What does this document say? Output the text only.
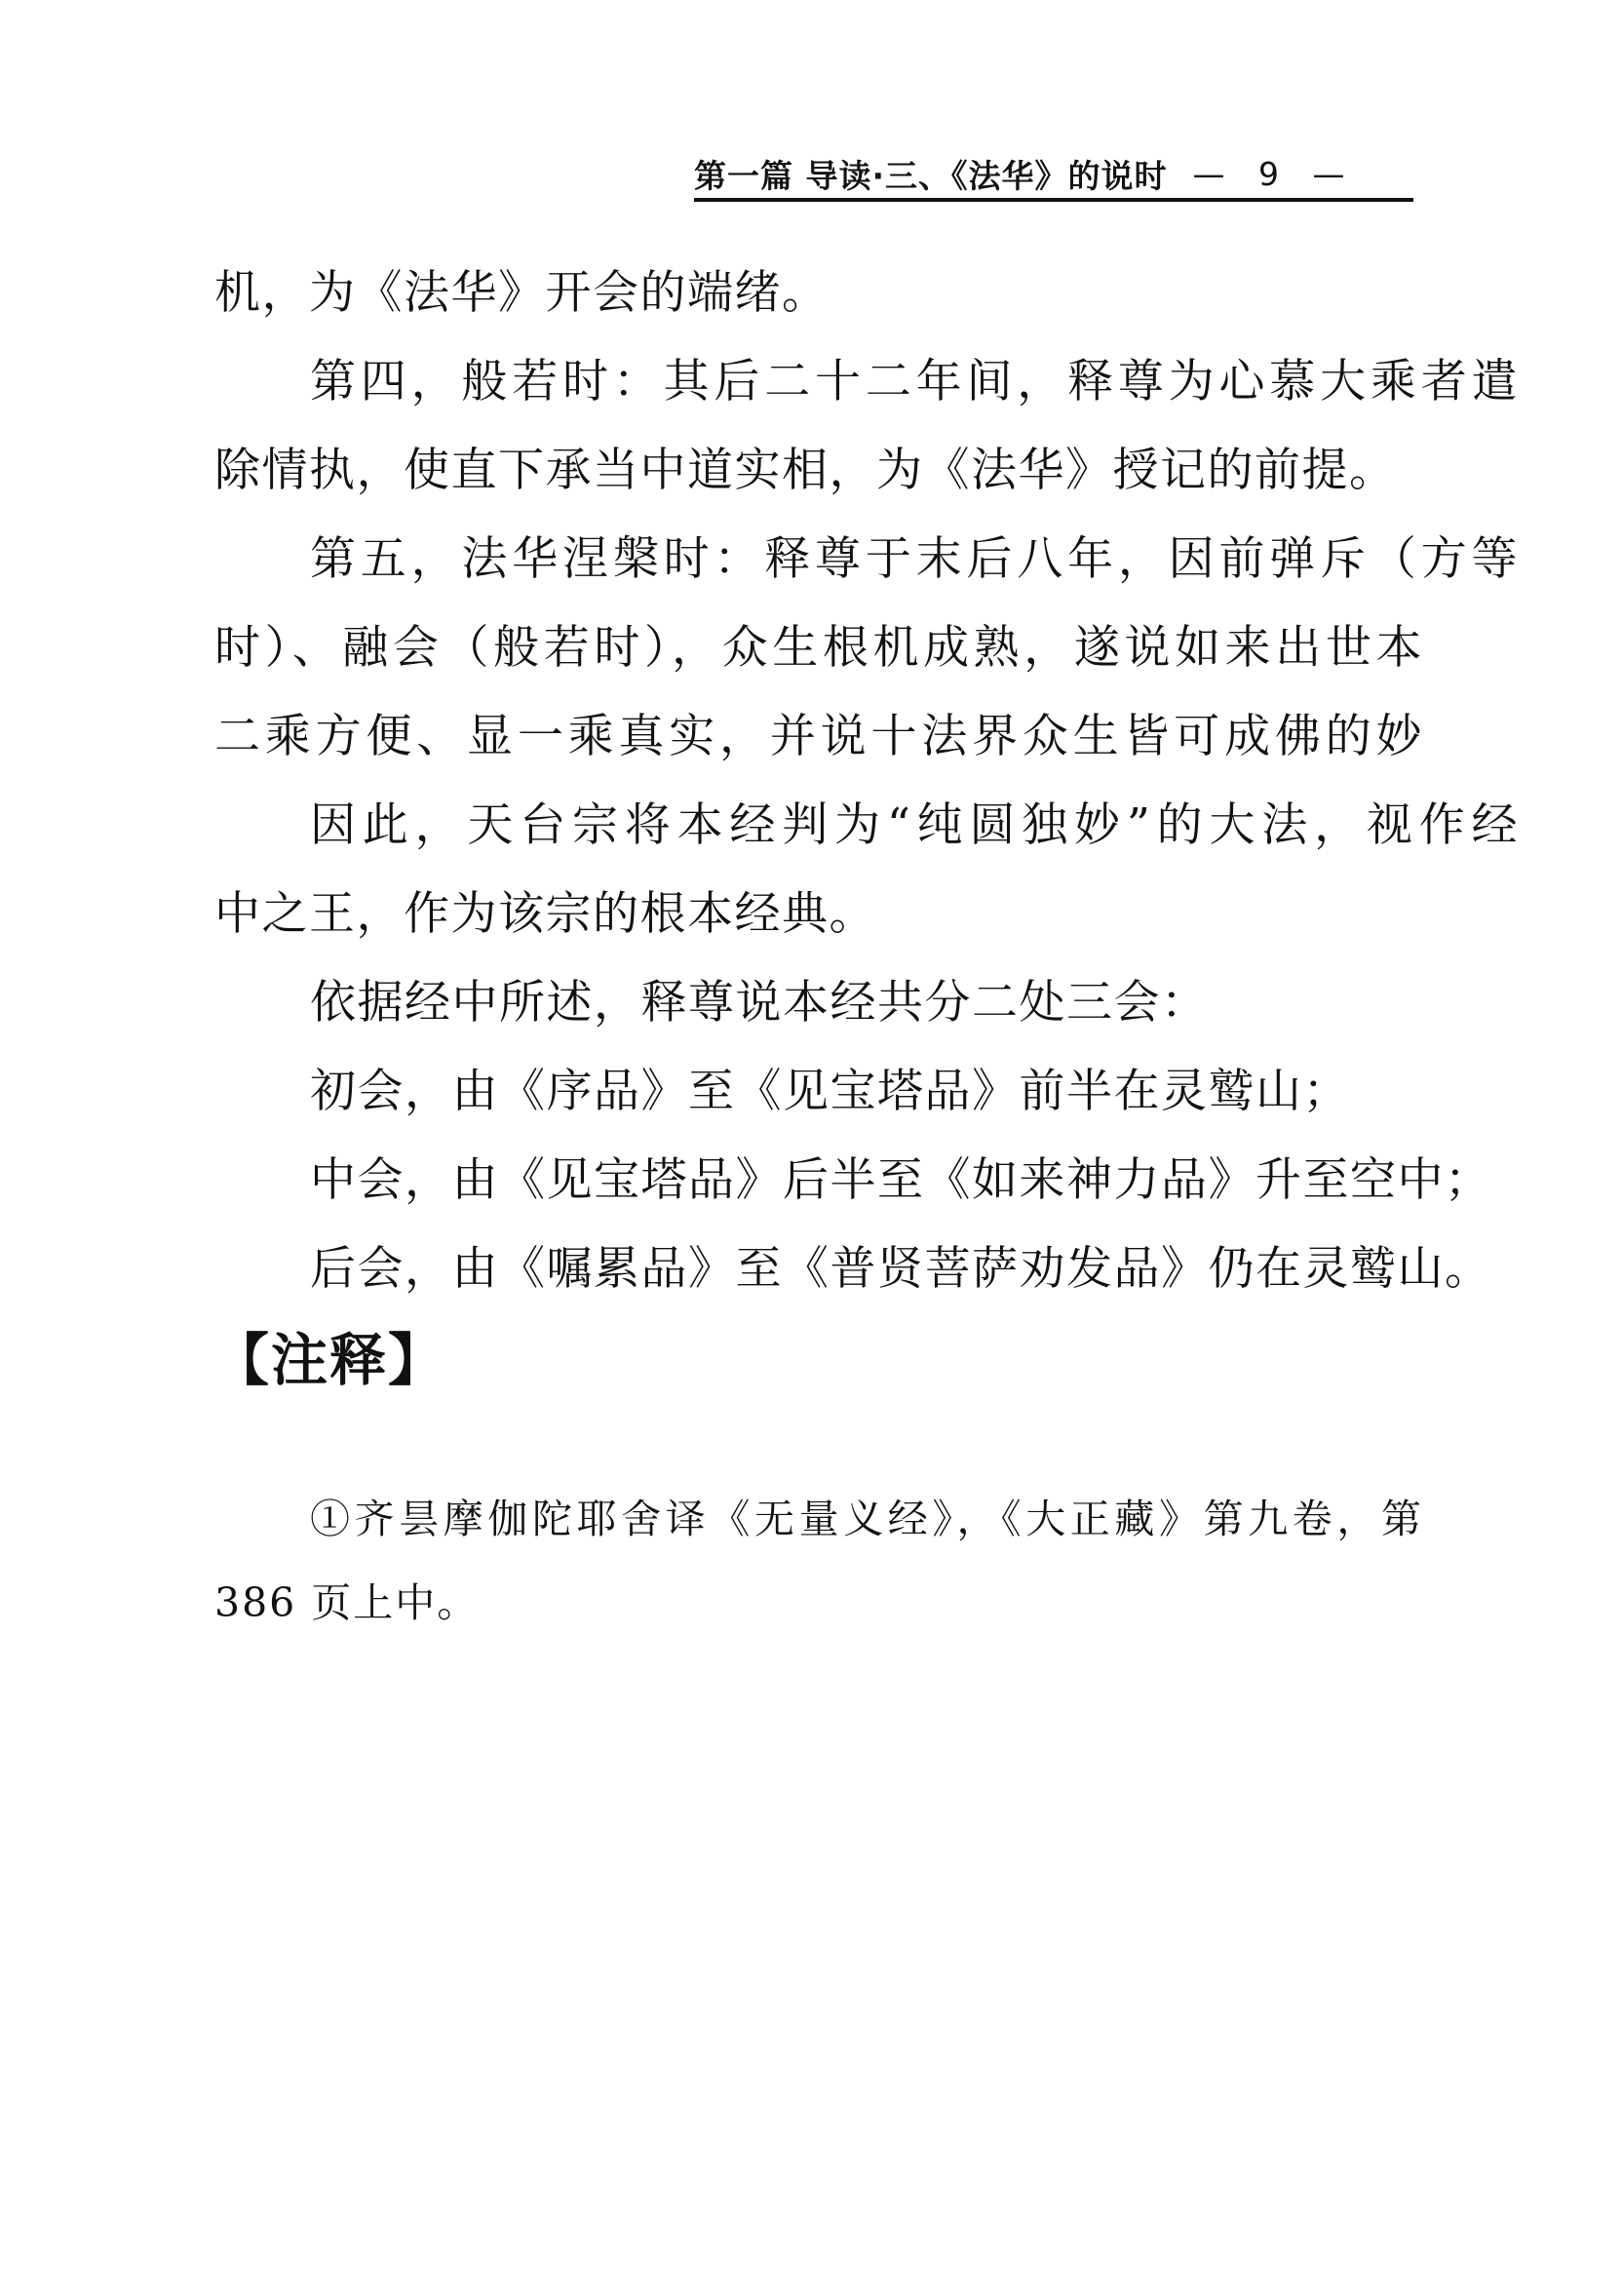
第一篇 导读·三、《法华》的说时 — 9 —
机，为《法华》开会的端绪。
第四，般若时：其后二十二年间，释尊为心慕大乘者遣
除情执，使直下承当中道实相，为《法华》授记的前提。
第五，法华涅槃时：释尊于末后八年，因前弹斥（方等
时）、融会（般若时），众生根机成熟，遂说如来出世本
二乘方便、显一乘真实，并说十法界众生皆可成佛的妙
因此，天台宗将本经判为“纯圆独妙”的大法，视作经
中之王，作为该宗的根本经典。
依据经中所述，释尊说本经共分二处三会：
初会，由《序品》至《见宝塔品》前半在灵鹫山；
中会，由《见宝塔品》后半至《如来神力品》升至空中；
后会，由《嘱累品》至《普贤菩萨劝发品》仍在灵鹫山。
【注释】
①齐昙摩伽陀耶舍译《无量义经》，《大正藏》第九卷，第
386 页上中。
